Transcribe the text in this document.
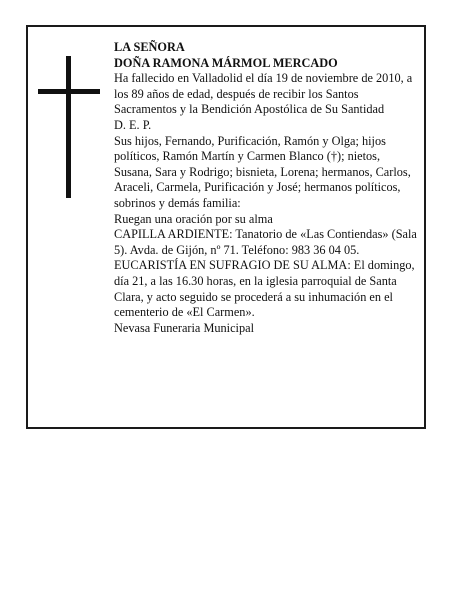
LA SEÑORA

DOÑA RAMONA MÁRMOL MERCADO

Ha fallecido en Valladolid el día 19 de noviembre de 2010, a los 89 años de edad, después de recibir los Santos Sacramentos y la Bendición Apostólica de Su Santidad

D. E. P.

Sus hijos, Fernando, Purificación, Ramón y Olga; hijos políticos, Ramón Martín y Carmen Blanco (†); nietos, Susana, Sara y Rodrigo; bisnieta, Lorena; hermanos, Carlos, Araceli, Carmela, Purificación y José; hermanos políticos, sobrinos y demás familia:

Ruegan una oración por su alma

CAPILLA ARDIENTE: Tanatorio de «Las Contiendas» (Sala 5). Avda. de Gijón, nº 71. Teléfono: 983 36 04 05.

EUCARISTÍA EN SUFRAGIO DE SU ALMA: El domingo, día 21, a las 16.30 horas, en la iglesia parroquial de Santa Clara, y acto seguido se procederá a su inhumación en el cementerio de «El Carmen».

Nevasa Funeraria Municipal
